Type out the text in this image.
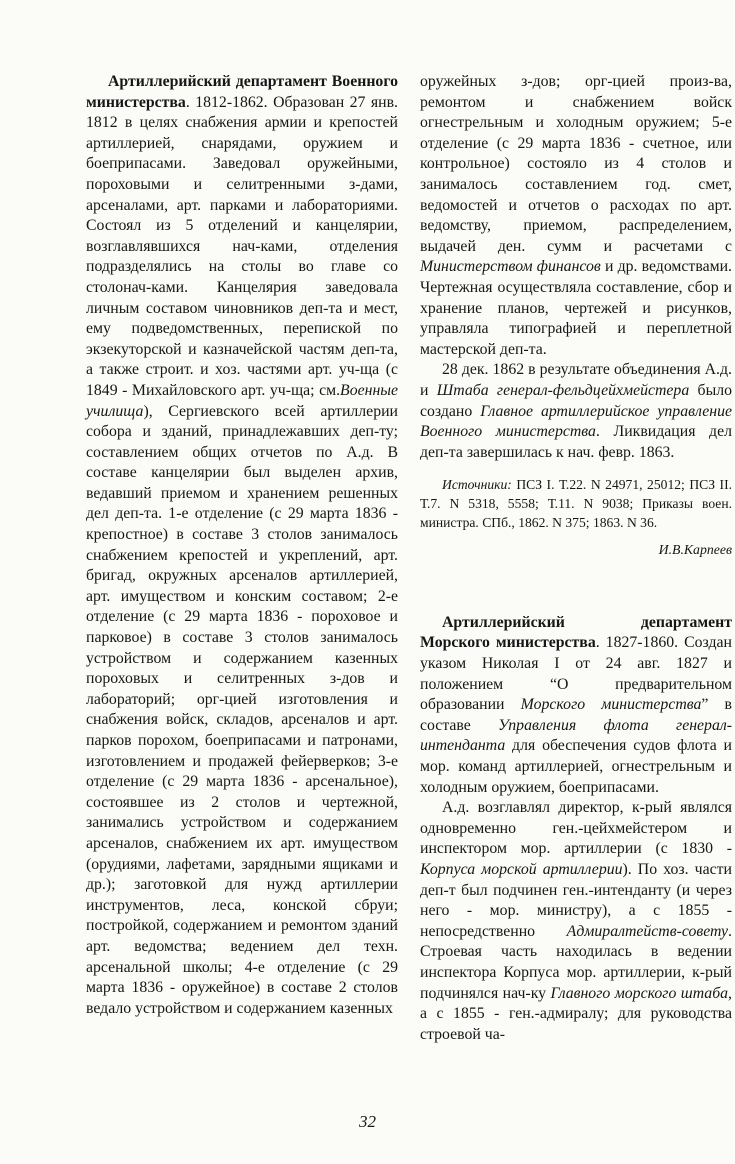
Артиллерийский департамент Военного министерства. 1812-1862. Образован 27 янв. 1812 в целях снабжения армии и крепостей артиллерией, снарядами, оружием и боеприпасами. Заведовал оружейными, пороховыми и селитренными з-дами, арсеналами, арт. парками и лабораториями. Состоял из 5 отделений и канцелярии, возглавлявшихся нач-ками, отделения подразделялись на столы во главе со столонач-ками. Канцелярия заведовала личным составом чиновников деп-та и мест, ему подведомственных, перепиской по экзекуторской и казначейской частям деп-та, а также строит. и хоз. частями арт. уч-ща (с 1849 - Михайловского арт. уч-ща; см.Военные училища), Сергиевского всей артиллерии собора и зданий, принадлежавших деп-ту; составлением общих отчетов по А.д. В составе канцелярии был выделен архив, ведавший приемом и хранением решенных дел деп-та. 1-е отделение (с 29 марта 1836 - крепостное) в составе 3 столов занималось снабжением крепостей и укреплений, арт. бригад, окружных арсеналов артиллерией, арт. имуществом и конским составом; 2-е отделение (с 29 марта 1836 - пороховое и парковое) в составе 3 столов занималось устройством и содержанием казенных пороховых и селитренных з-дов и лабораторий; орг-цией изготовления и снабжения войск, складов, арсеналов и арт. парков порохом, боеприпасами и патронами, изготовлением и продажей фейерверков; 3-е отделение (с 29 марта 1836 - арсенальное), состоявшее из 2 столов и чертежной, занимались устройством и содержанием арсеналов, снабжением их арт. имуществом (орудиями, лафетами, зарядными ящиками и др.); заготовкой для нужд артиллерии инструментов, леса, конской сбруи; постройкой, содержанием и ремонтом зданий арт. ведомства; ведением дел техн. арсенальной школы; 4-е отделение (с 29 марта 1836 - оружейное) в составе 2 столов ведало устройством и содержанием казенных

оружейных з-дов; орг-цией произ-ва, ремонтом и снабжением войск огнестрельным и холодным оружием; 5-е отделение (с 29 марта 1836 - счетное, или контрольное) состояло из 4 столов и занималось составлением год. смет, ведомостей и отчетов о расходах по арт. ведомству, приемом, распределением, выдачей ден. сумм и расчетами с Министерством финансов и др. ведомствами. Чертежная осуществляла составление, сбор и хранение планов, чертежей и рисунков, управляла типографией и переплетной мастерской деп-та.

28 дек. 1862 в результате объединения А.д. и Штаба генерал-фельдцейхмейстера было создано Главное артиллерийское управление Военного министерства. Ликвидация дел деп-та завершилась к нач. февр. 1863.

Источники: ПСЗ I. Т.22. N 24971, 25012; ПСЗ II. Т.7. N 5318, 5558; Т.11. N 9038; Приказы воен. министра. СПб., 1862. N 375; 1863. N 36.

И.В.Карпеев

Артиллерийский департамент Морского министерства. 1827-1860. Создан указом Николая I от 24 авг. 1827 и положением “О предварительном образовании Морского министерства” в составе Управления флота генерал-интенданта для обеспечения судов флота и мор. команд артиллерией, огнестрельным и холодным оружием, боеприпасами.

А.д. возглавлял директор, к-рый являлся одновременно ген.-цейхмейстером и инспектором мор. артиллерии (с 1830 - Корпуса морской артиллерии). По хоз. части деп-т был подчинен ген.-интенданту (и через него - мор. министру), а с 1855 - непосредственно Адмиралтейств-совету. Строевая часть находилась в ведении инспектора Корпуса мор. артиллерии, к-рый подчинялся нач-ку Главного морского штаба, а с 1855 - ген.-адмиралу; для руководства строевой ча-

32
